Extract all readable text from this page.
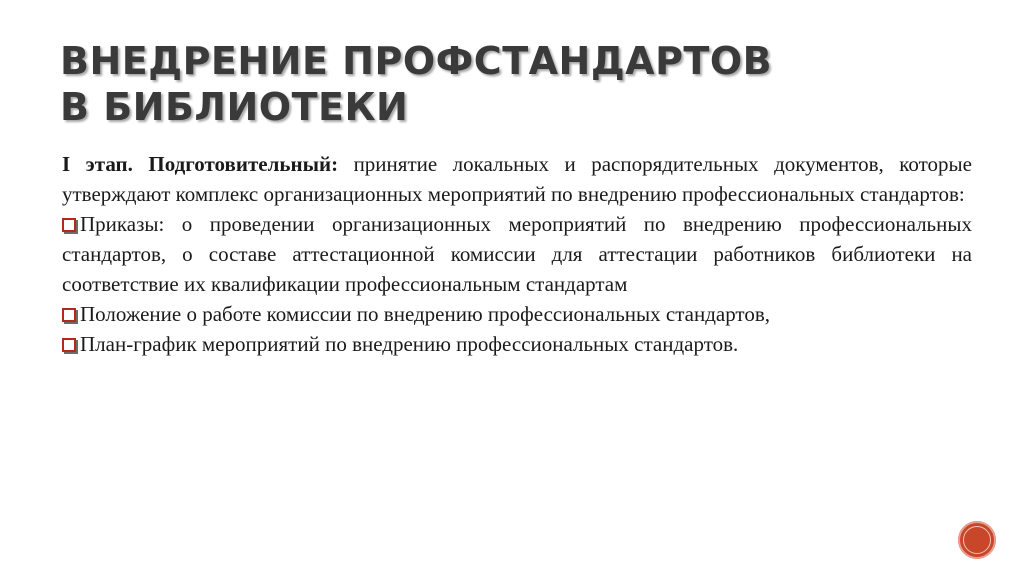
ВНЕДРЕНИЕ ПРОФСТАНДАРТОВ
В БИБЛИОТЕКИ

I этап. Подготовительный: принятие локальных и распорядительных документов, которые утверждают комплекс организационных мероприятий по внедрению профессиональных стандартов:

Приказы: о проведении организационных мероприятий по внедрению профессиональных стандартов, о составе аттестационной комиссии для аттестации работников библиотеки на соответствие их квалификации профессиональным стандартам

Положение о работе комиссии по внедрению профессиональных стандартов,

План-график мероприятий по внедрению профессиональных стандартов.
